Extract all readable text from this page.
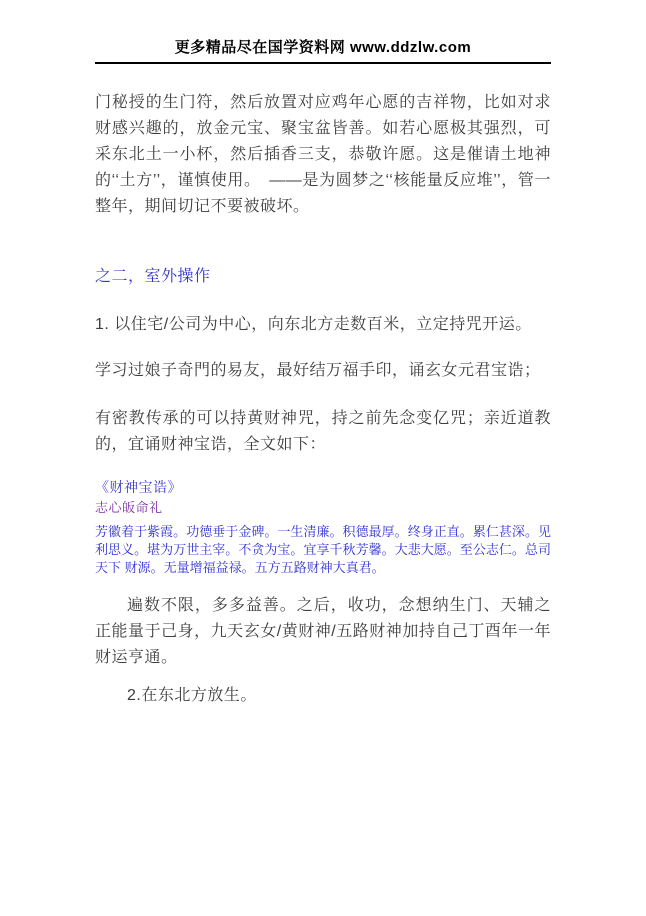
更多精品尽在国学资料网 www.ddzlw.com

门秘授的生门符，然后放置对应鸡年心愿的吉祥物，比如对求财感兴趣的，放金元宝、聚宝盆皆善。如若心愿极其强烈，可采东北土一小杯，然后插香三支，恭敬许愿。这是催请土地神的‘‘土方’’，谨慎使用。　——是为圆梦之‘‘核能量反应堆’’，管一整年，期间切记不要被破坏。

之二，室外操作

1. 以住宅/公司为中心，向东北方走数百米，立定持咒开运。

学习过娘子奇門的易友，最好结万福手印，诵玄女元君宝诰；

有密教传承的可以持黄财神咒，持之前先念变亿咒；亲近道教的，宜诵财神宝诰，全文如下：

《财神宝诰》

志心皈命礼

芳徽着于紫霞。功德垂于金碑。一生清廉。积德最厚。终身正直。累仁甚深。见利思义。堪为万世主宰。不贪为宝。宜享千秋芳馨。大悲大愿。至公志仁。总司天下 财源。无量增福益禄。五方五路财神大真君。

遍数不限，多多益善。之后，收功，念想纳生门、天辅之正能量于己身，九天玄女/黄财神/五路财神加持自己丁酉年一年财运亨通。

2.在东北方放生。
